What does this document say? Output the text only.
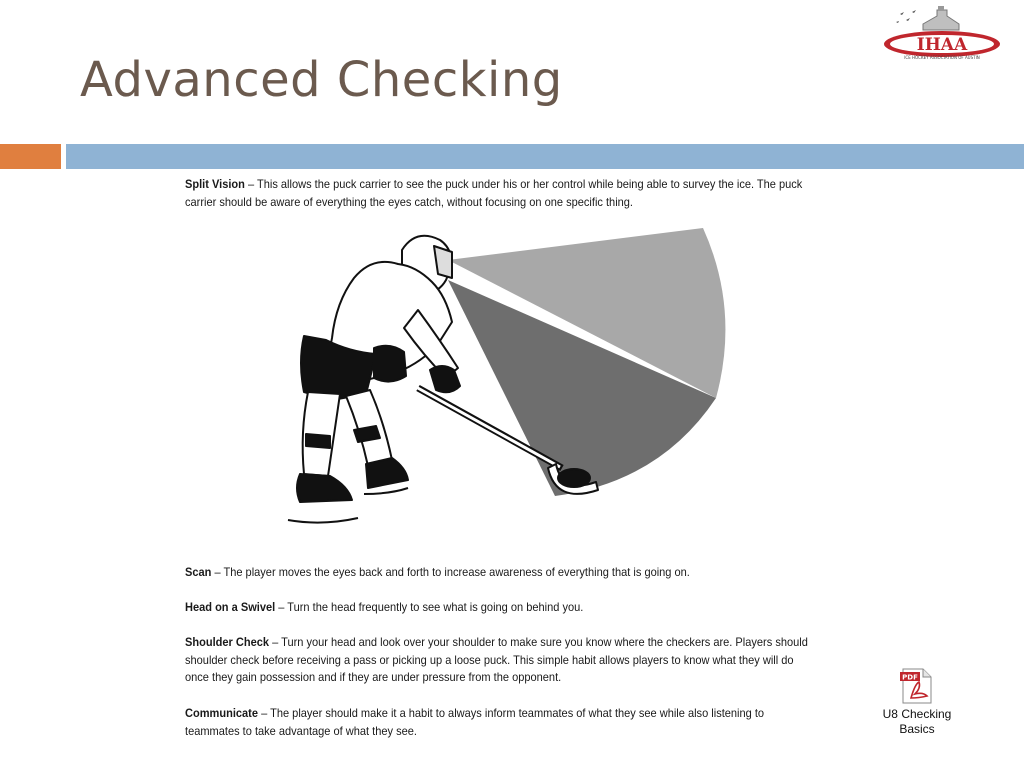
Advanced Checking
IHAA
ICE HOCKEY ASSOCIATION OF AUSTIN

Split Vision – This allows the puck carrier to see the puck under his or her control while being able to survey the ice. The puck carrier should be aware of everything the eyes catch, without focusing on one specific thing.

Scan – The player moves the eyes back and forth to increase awareness of everything that is going on.

Head on a Swivel – Turn the head frequently to see what is going on behind you.

Shoulder Check – Turn your head and look over your shoulder to make sure you know where the checkers are. Players should shoulder check before receiving a pass or picking up a loose puck. This simple habit allows players to know what they will do once they gain possession and if they are under pressure from the opponent.

Communicate – The player should make it a habit to always inform teammates of what they see while also listening to teammates to take advantage of what they see.

PDF
U8 Checking Basics
